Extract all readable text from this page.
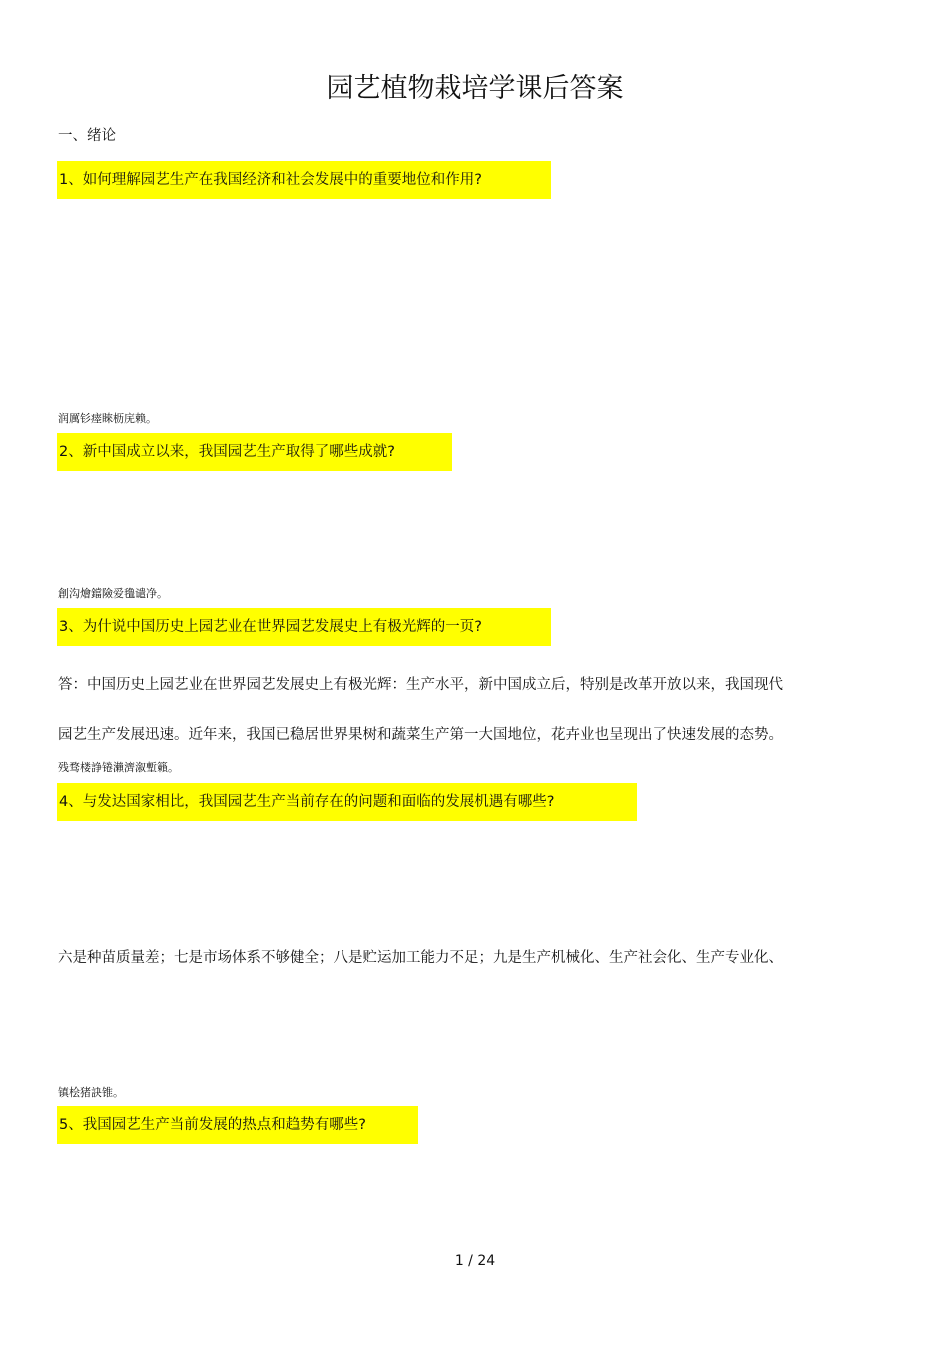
园艺植物栽培学课后答案
一、绪论
1、如何理解园艺生产在我国经济和社会发展中的重要地位和作用?
润厲钐瘗睞枥庑赖。
2、新中国成立以来，我国园艺生产取得了哪些成就?
創沟燴鐺險爱氇谴净。
3、为什说中国历史上园艺业在世界园艺发展史上有极光辉的一页?
答：中国历史上园艺业在世界园艺发展史上有极光辉：生产水平，新中国成立后，特别是改革开放以来，我国现代
园艺生产发展迅速。近年来，我国已稳居世界果树和蔬菜生产第一大国地位，花卉业也呈现出了快速发展的态势。
残骛楼諍锩瀨濟溆塹籟。
4、与发达国家相比，我国园艺生产当前存在的问题和面临的发展机遇有哪些?
六是种苗质量差；七是市场体系不够健全；八是贮运加工能力不足；九是生产机械化、生产社会化、生产专业化、
镇桧猪訣锥。
5、我国园艺生产当前发展的热点和趋势有哪些?
1 / 24
